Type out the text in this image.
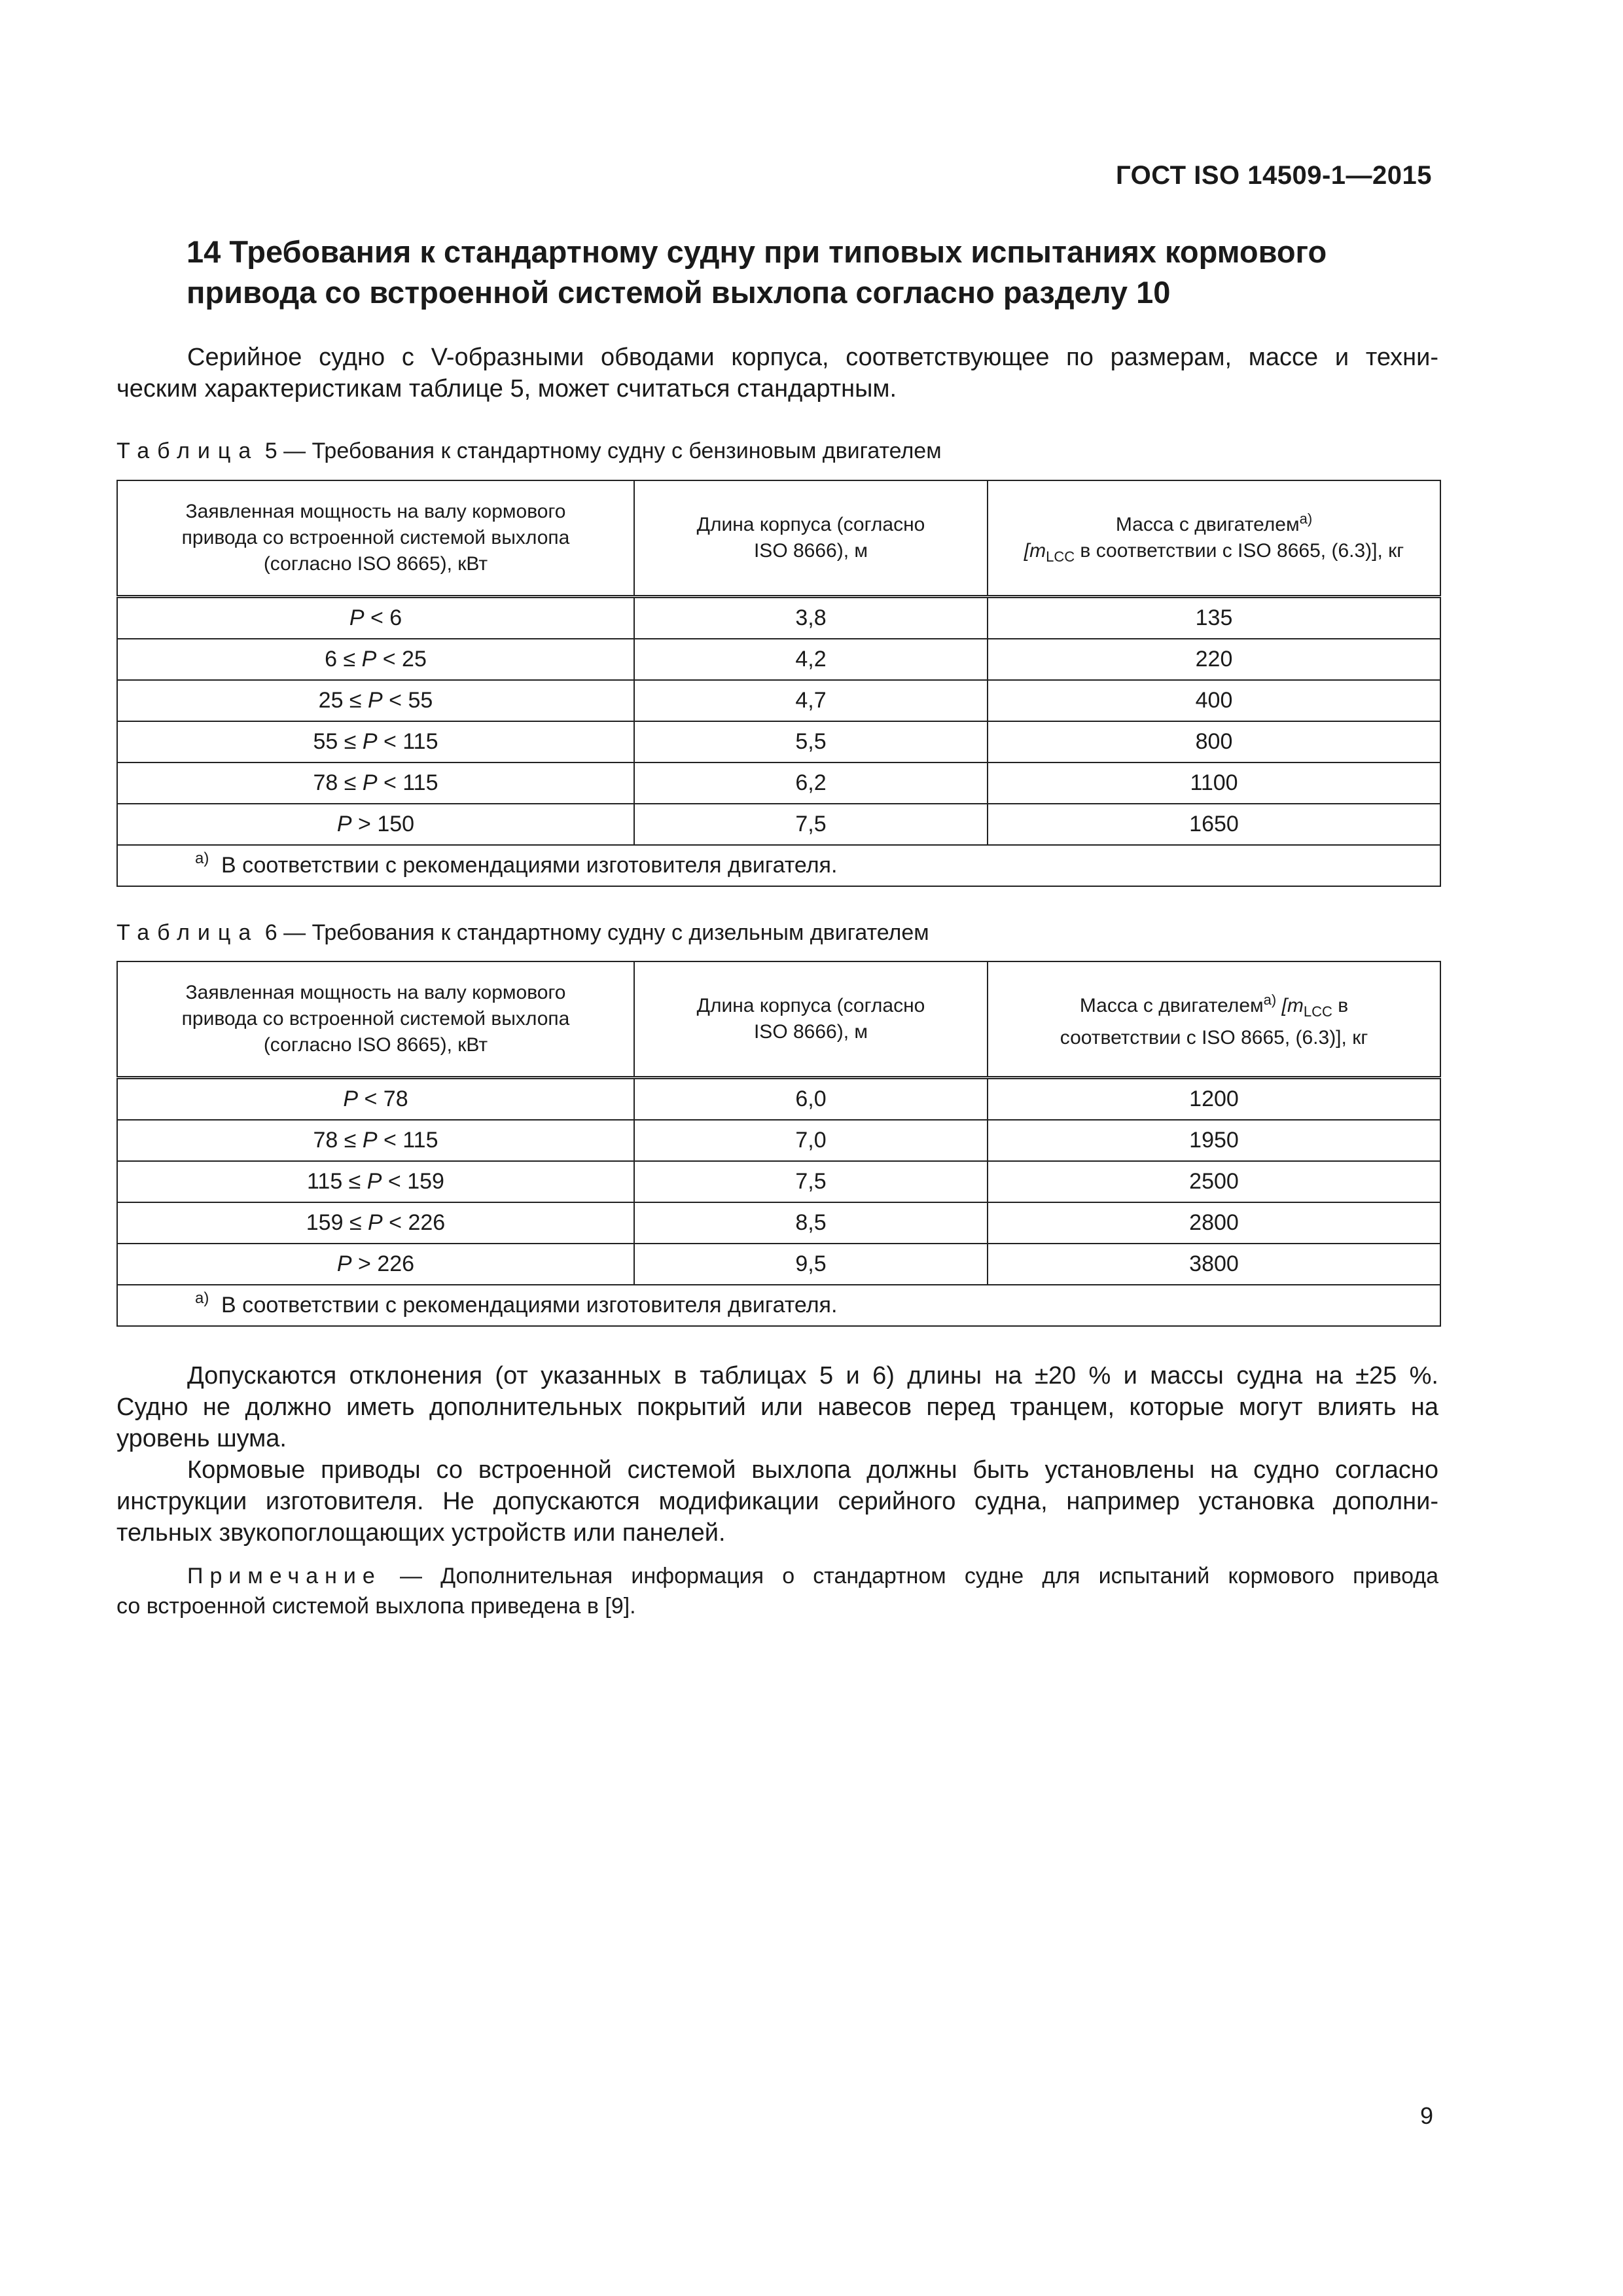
ГОСТ ISO 14509-1—2015
14 Требования к стандартному судну при типовых испытаниях кормового
привода со встроенной системой выхлопа согласно разделу 10
Серийное судно с V-образными обводами корпуса, соответствующее по размерам, массе и техни-
ческим характеристикам таблице 5, может считаться стандартным.
Таблица 5 — Требования к стандартному судну с бензиновым двигателем
Заявленная мощность на валу кормового привода со встроенной системой выхлопа (согласно ISO 8665), кВт	Длина корпуса (согласно ISO 8666), м	Масса с двигателем$^{а)}$
[$m_{LCC}$ в соответствии с ISO 8665, (6.3)], кг

P < 6	3,8	135
6 ≤ P < 25	4,2	220
25 ≤ P < 55	4,7	400
55 ≤ P < 115	5,5	800
78 ≤ P < 115	6,2	1100
P > 150	7,5	1650

а) В соответствии с рекомендациями изготовителя двигателя.		
Таблица 6 — Требования к стандартному судну с дизельным двигателем
Заявленная мощность на валу кормового привода со встроенной системой выхлопа (согласно ISO 8665), кВт	Длина корпуса (согласно ISO 8666), м	Масса с двигателем$^{а)}$ [$m_{LCC}$ в соответствии с ISO 8665, (6.3)], кг

P < 78	6,0	1200
78 ≤ P < 115	7,0	1950
115 ≤ P < 159	7,5	2500
159 ≤ P < 226	8,5	2800
P > 226	9,5	3800

а) В соответствии с рекомендациями изготовителя двигателя.		
Допускаются отклонения (от указанных в таблицах 5 и 6) длины на ±20 % и массы судна на ±25 %.
Судно не должно иметь дополнительных покрытий или навесов перед транцем, которые могут влиять на
уровень шума.
Кормовые приводы со встроенной системой выхлопа должны быть установлены на судно согласно
инструкции изготовителя. Не допускаются модификации серийного судна, например установка дополни-
тельных звукопоглощающих устройств или панелей.
Примечание — Дополнительная информация о стандартном судне для испытаний кормового привода
со встроенной системой выхлопа приведена в [9].
9
